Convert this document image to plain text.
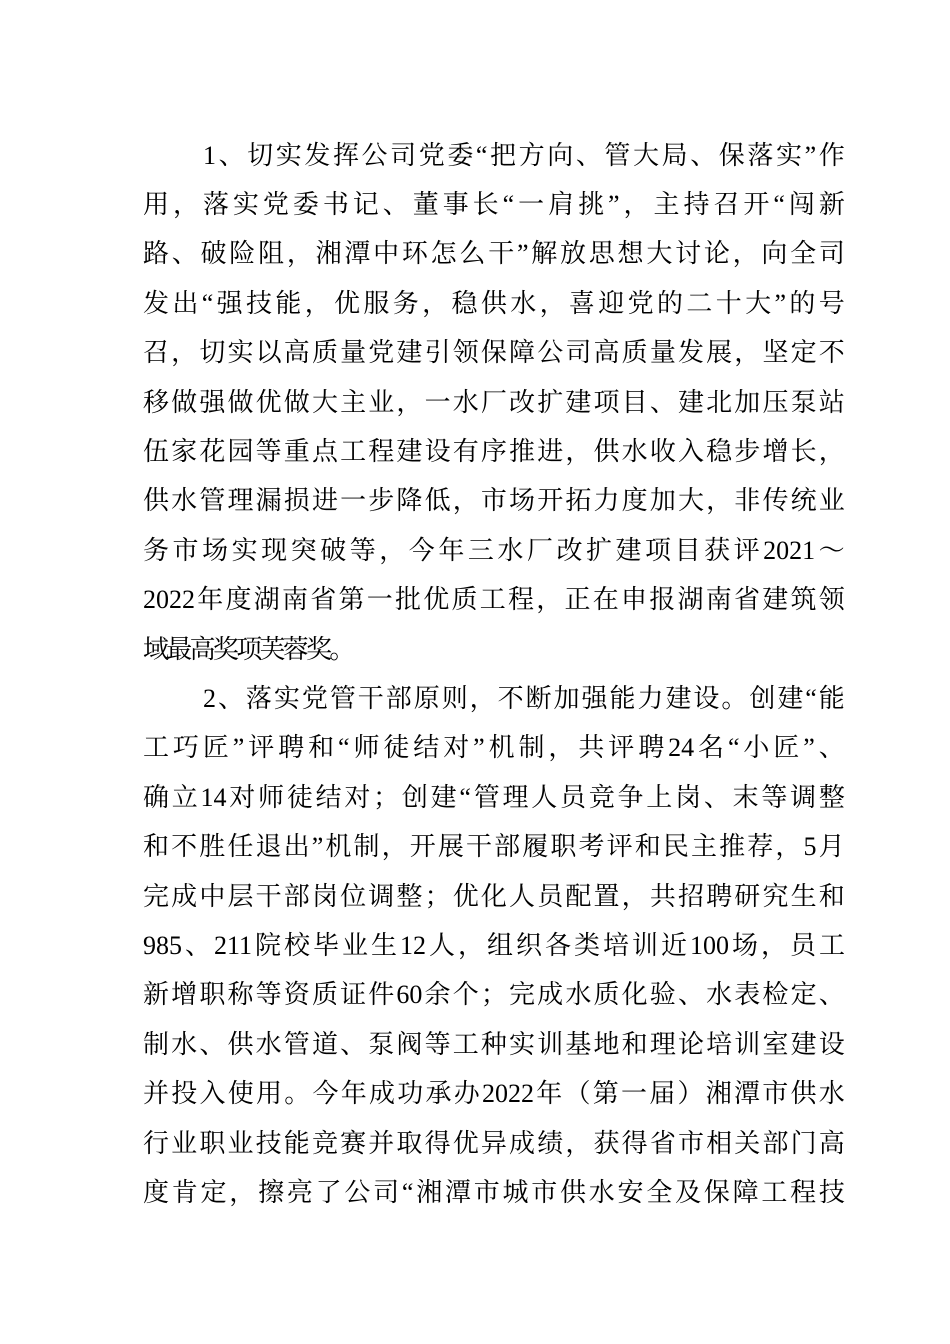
1 、 切 实 发 挥 公 司 党 委 “ 把 方 向 、 管 大 局 、 保 落 实 ” 作
用 ， 落 实 党 委 书 记 、 董 事 长 “ 一 肩 挑 ” ， 主 持 召 开 “ 闯 新
路 、 破 险 阻 ， 湘 潭 中 环 怎 么 干 ” 解 放 思 想 大 讨 论 ， 向 全 司
发 出 “ 强 技 能 ， 优 服 务 ， 稳 供 水 ， 喜 迎 党 的 二 十 大 ” 的 号
召 ， 切 实 以 高 质 量 党 建 引 领 保 障 公 司 高 质 量 发 展 ， 坚 定 不
移 做 强 做 优 做 大 主 业 ， 一 水 厂 改 扩 建 项 目 、 建 北 加 压 泵 站
伍 家 花 园 等 重 点 工 程 建 设 有 序 推 进 ， 供 水 收 入 稳 步 增 长 ，
供 水 管 理 漏 损 进 一 步 降 低 ， 市 场 开 拓 力 度 加 大 ， 非 传 统 业
务 市 场 实 现 突 破 等 ， 今 年 三 水 厂 改 扩 建 项 目 获 评 2021 ～
2022 年 度 湖 南 省 第 一 批 优 质 工 程 ， 正 在 申 报 湖 南 省 建 筑 领
域
最
高
奖
项
芙
蓉
奖
。
2 、 落 实 党 管 干 部 原 则 ， 不 断 加 强 能 力 建 设 。 创 建 “ 能
工 巧 匠 ” 评 聘 和 “ 师 徒 结 对 ” 机 制 ， 共 评 聘 24 名 “ 小 匠 ” 、
确 立 14 对 师 徒 结 对 ； 创 建 “ 管 理 人 员 竞 争 上 岗 、 末 等 调 整
和 不 胜 任 退 出 ” 机 制 ， 开 展 干 部 履 职 考 评 和 民 主 推 荐 ， 5 月
完 成 中 层 干 部 岗 位 调 整 ； 优 化 人 员 配 置 ， 共 招 聘 研 究 生 和
985 、 211 院 校 毕 业 生 12 人 ， 组 织 各 类 培 训 近 100 场 ， 员 工
新 增 职 称 等 资 质 证 件 60 余 个 ； 完 成 水 质 化 验 、 水 表 检 定 、
制 水 、 供 水 管 道 、 泵 阀 等 工 种 实 训 基 地 和 理 论 培 训 室 建 设
并 投 入 使 用 。 今 年 成 功 承 办 2022 年 （ 第 一 届 ） 湘 潭 市 供 水
行 业 职 业 技 能 竞 赛 并 取 得 优 异 成 绩 ， 获 得 省 市 相 关 部 门 高
度 肯 定 ， 擦 亮 了 公 司 “ 湘 潭 市 城 市 供 水 安 全 及 保 障 工 程 技
